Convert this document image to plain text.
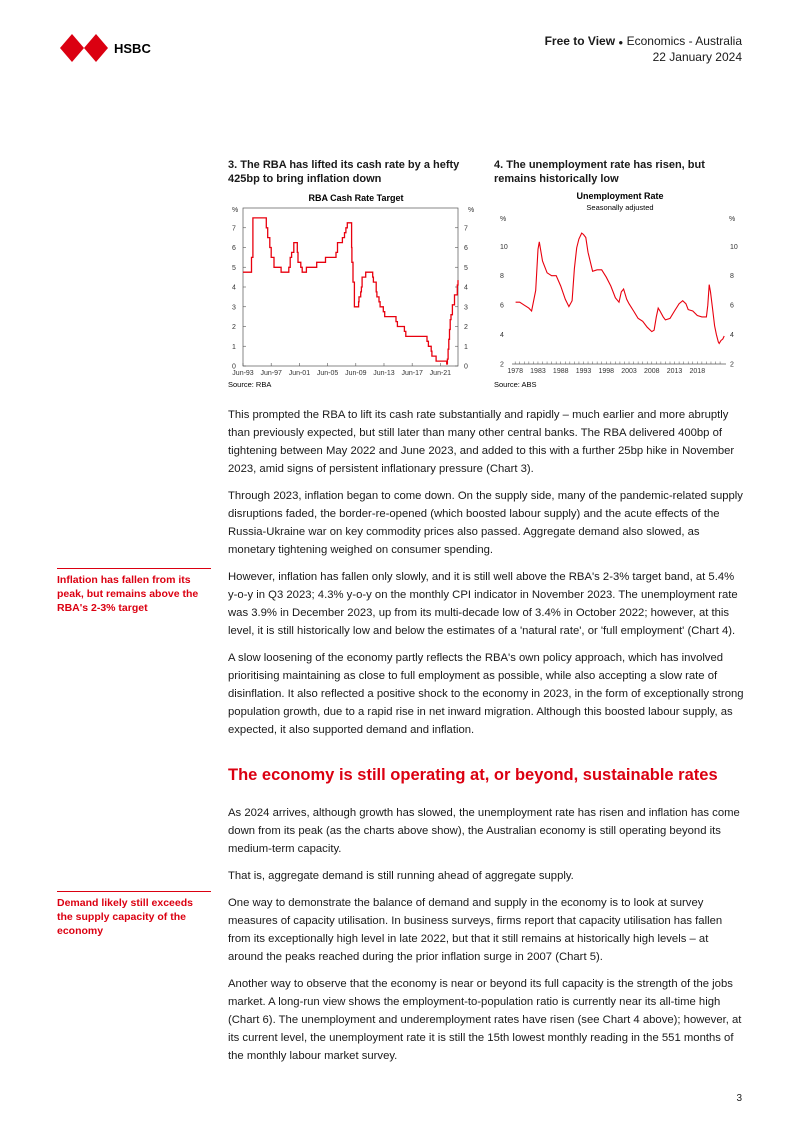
HSBC	Free to View ● Economics - Australia
22 January 2024
3. The RBA has lifted its cash rate by a hefty 425bp to bring inflation down
RBA Cash Rate Target
%	%
0	0
1	1
2	2
3	3
4	4
5	5
6	6
7	7
Jun-93 Jun-97 Jun-01 Jun-05 Jun-09 Jun-13 Jun-17 Jun-21
Source: RBA
4. The unemployment rate has risen, but remains historically low
Unemployment Rate
Seasonally adjusted
%	%
2	2
4	4
6	6
8	8
10	10
1978 1983 1988 1993 1998 2003 2008 2013 2018
Source: ABS

This prompted the RBA to lift its cash rate substantially and rapidly – much earlier and more abruptly than previously expected, but still later than many other central banks. The RBA delivered 400bp of tightening between May 2022 and June 2023, and added to this with a further 25bp hike in November 2023, amid signs of persistent inflationary pressure (Chart 3).

Through 2023, inflation began to come down. On the supply side, many of the pandemic-related supply disruptions faded, the border-re-opened (which boosted labour supply) and the acute effects of the Russia-Ukraine war on key commodity prices also passed. Aggregate demand also slowed, as monetary tightening weighed on consumer spending.

However, inflation has fallen only slowly, and it is still well above the RBA's 2-3% target band, at 5.4% y-o-y in Q3 2023; 4.3% y-o-y on the monthly CPI indicator in November 2023. The unemployment rate was 3.9% in December 2023, up from its multi-decade low of 3.4% in October 2022; however, at this level, it is still historically low and below the estimates of a 'natural rate', or 'full employment' (Chart 4).

A slow loosening of the economy partly reflects the RBA's own policy approach, which has involved prioritising maintaining as close to full employment as possible, while also accepting a slow rate of disinflation. It also reflected a positive shock to the economy in 2023, in the form of exceptionally strong population growth, due to a rapid rise in net inward migration. Although this boosted labour supply, as expected, it also supported demand and inflation.

Inflation has fallen from its peak, but remains above the RBA's 2-3% target
The economy is still operating at, or beyond, sustainable rates

As 2024 arrives, although growth has slowed, the unemployment rate has risen and inflation has come down from its peak (as the charts above show), the Australian economy is still operating beyond its medium-term capacity.

That is, aggregate demand is still running ahead of aggregate supply.

One way to demonstrate the balance of demand and supply in the economy is to look at survey measures of capacity utilisation. In business surveys, firms report that capacity utilisation has fallen from its exceptionally high level in late 2022, but that it still remains at historically high levels – at around the peaks reached during the prior inflation surge in 2007 (Chart 5).

Another way to observe that the economy is near or beyond its full capacity is the strength of the jobs market. A long-run view shows the employment-to-population ratio is currently near its all-time high (Chart 6). The unemployment and underemployment rates have risen (see Chart 4 above); however, at its current level, the unemployment rate it is still the 15th lowest monthly reading in the 551 months of the monthly labour market survey.

Demand likely still exceeds the supply capacity of the economy
3
